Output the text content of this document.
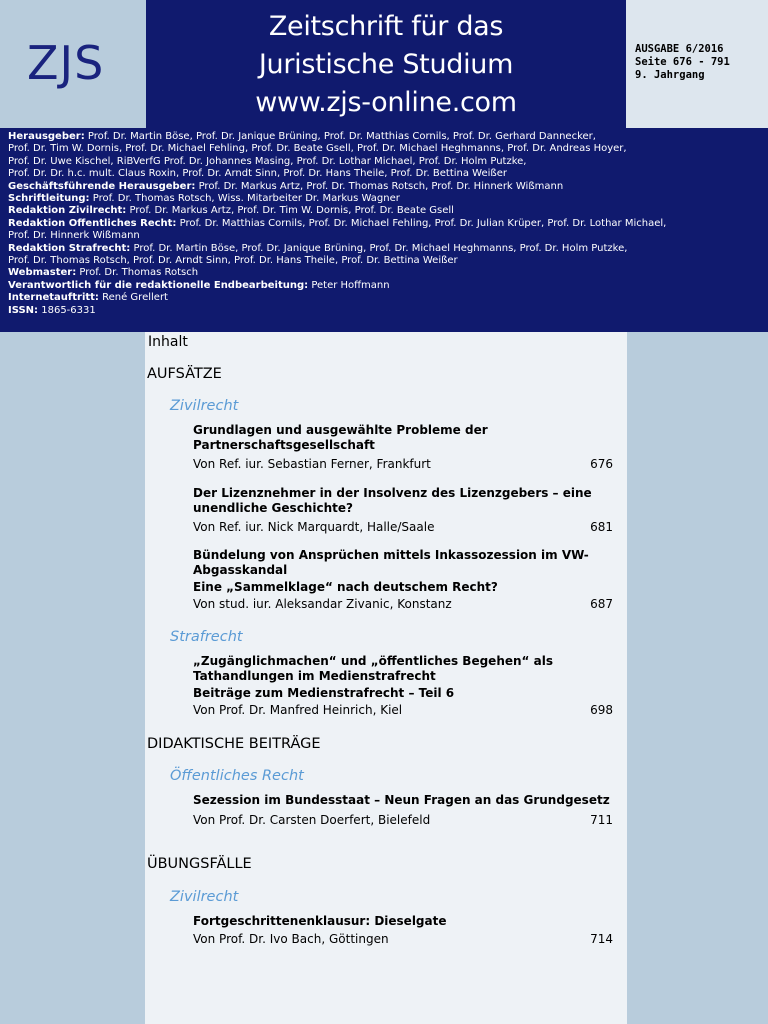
ZJS
Zeitschrift für das
Juristische Studium
www.zjs-online.com
AUSGABE 6/2016
Seite 676 - 791
9. Jahrgang
Herausgeber: Prof. Dr. Martin Böse, Prof. Dr. Janique Brüning, Prof. Dr. Matthias Cornils, Prof. Dr. Gerhard Dannecker,
Prof. Dr. Tim W. Dornis, Prof. Dr. Michael Fehling, Prof. Dr. Beate Gsell, Prof. Dr. Michael Heghmanns, Prof. Dr. Andreas Hoyer,
Prof. Dr. Uwe Kischel, RiBVerfG Prof. Dr. Johannes Masing, Prof. Dr. Lothar Michael, Prof. Dr. Holm Putzke,
Prof. Dr. Dr. h.c. mult. Claus Roxin, Prof. Dr. Arndt Sinn, Prof. Dr. Hans Theile, Prof. Dr. Bettina Weißer
Geschäftsführende Herausgeber: Prof. Dr. Markus Artz, Prof. Dr. Thomas Rotsch, Prof. Dr. Hinnerk Wißmann
Schriftleitung: Prof. Dr. Thomas Rotsch, Wiss. Mitarbeiter Dr. Markus Wagner
Redaktion Zivilrecht: Prof. Dr. Markus Artz, Prof. Dr. Tim W. Dornis, Prof. Dr. Beate Gsell
Redaktion Öffentliches Recht: Prof. Dr. Matthias Cornils, Prof. Dr. Michael Fehling, Prof. Dr. Julian Krüper, Prof. Dr. Lothar Michael,
Prof. Dr. Hinnerk Wißmann
Redaktion Strafrecht: Prof. Dr. Martin Böse, Prof. Dr. Janique Brüning, Prof. Dr. Michael Heghmanns, Prof. Dr. Holm Putzke,
Prof. Dr. Thomas Rotsch, Prof. Dr. Arndt Sinn, Prof. Dr. Hans Theile, Prof. Dr. Bettina Weißer
Webmaster: Prof. Dr. Thomas Rotsch
Verantwortlich für die redaktionelle Endbearbeitung: Peter Hoffmann
Internetauftritt: René Grellert
ISSN: 1865-6331
Inhalt
AUFSÄTZE
Zivilrecht
Grundlagen und ausgewählte Probleme der Partnerschaftsgesellschaft
Von Ref. iur. Sebastian Ferner, Frankfurt	676
Der Lizenznehmer in der Insolvenz des Lizenzgebers – eine unendliche Geschichte?
Von Ref. iur. Nick Marquardt, Halle/Saale	681
Bündelung von Ansprüchen mittels Inkassozession im VW-Abgasskandal
Eine „Sammelklage“ nach deutschem Recht?
Von stud. iur. Aleksandar Zivanic, Konstanz	687
Strafrecht
„Zugänglichmachen“ und „öffentliches Begehen“ als Tathandlungen im Medienstrafrecht
Beiträge zum Medienstrafrecht – Teil 6
Von Prof. Dr. Manfred Heinrich, Kiel	698
DIDAKTISCHE BEITRÄGE
Öffentliches Recht
Sezession im Bundesstaat – Neun Fragen an das Grundgesetz
Von Prof. Dr. Carsten Doerfert, Bielefeld	711
ÜBUNGSFÄLLE
Zivilrecht
Fortgeschrittenenklausur: Dieselgate
Von Prof. Dr. Ivo Bach, Göttingen	714
